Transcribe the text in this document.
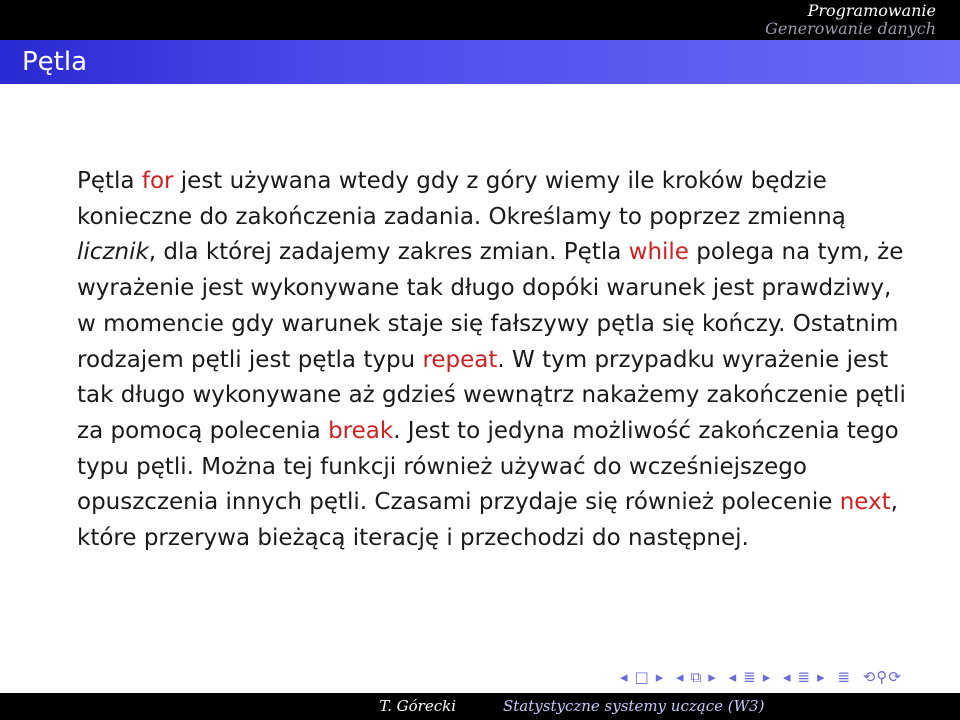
Programowanie
Generowanie danych
Pętla
Pętla for jest używana wtedy gdy z góry wiemy ile kroków będzie konieczne do zakończenia zadania. Określamy to poprzez zmienną licznik, dla której zadajemy zakres zmian. Pętla while polega na tym, że wyrażenie jest wykonywane tak długo dopóki warunek jest prawdziwy, w momencie gdy warunek staje się fałszywy pętla się kończy. Ostatnim rodzajem pętli jest pętla typu repeat. W tym przypadku wyrażenie jest tak długo wykonywane aż gdzieś wewnątrz nakażemy zakończenie pętli za pomocą polecenia break. Jest to jedyna możliwość zakończenia tego typu pętli. Można tej funkcji również używać do wcześniejszego opuszczenia innych pętli. Czasami przydaje się również polecenie next, które przerywa bieżącą iterację i przechodzi do następnej.
◂ □ ▸ ◂ ⧉ ▸ ◂ ≣ ▸ ◂ ≣ ▸ ≣ ⟲⚲⟳
T. Górecki	Statystyczne systemy uczące (W3)
